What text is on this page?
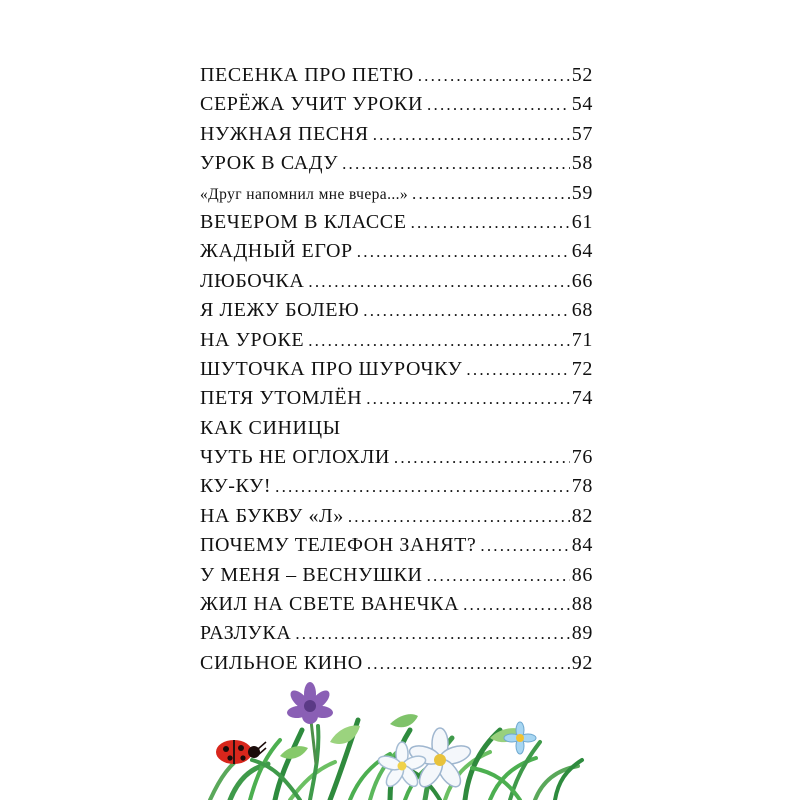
ПЕСЕНКА ПРО ПЕТЮ .....	52
СЕРЁЖА УЧИТ УРОКИ .....	54
НУЖНАЯ ПЕСНЯ .....	57
УРОК В САДУ .....	58
«Друг напомнил мне вчера...» .....	59
ВЕЧЕРОМ В КЛАССЕ .....	61
ЖАДНЫЙ ЕГОР .....	64
ЛЮБОЧКА .....	66
Я ЛЕЖУ БОЛЕЮ .....	68
НА УРОКЕ .....	71
ШУТОЧКА ПРО ШУРОЧКУ .....	72
ПЕТЯ УТОМЛЁН .....	74
КАК СИНИЦЫ
ЧУТЬ НЕ ОГЛОХЛИ .....	76
КУ-КУ! .....	78
НА БУКВУ «Л» .....	82
ПОЧЕМУ ТЕЛЕФОН ЗАНЯТ? .....	84
У МЕНЯ – ВЕСНУШКИ .....	86
ЖИЛ НА СВЕТЕ ВАНЕЧКА .....	88
РАЗЛУКА .....	89
СИЛЬНОЕ КИНО .....	92
